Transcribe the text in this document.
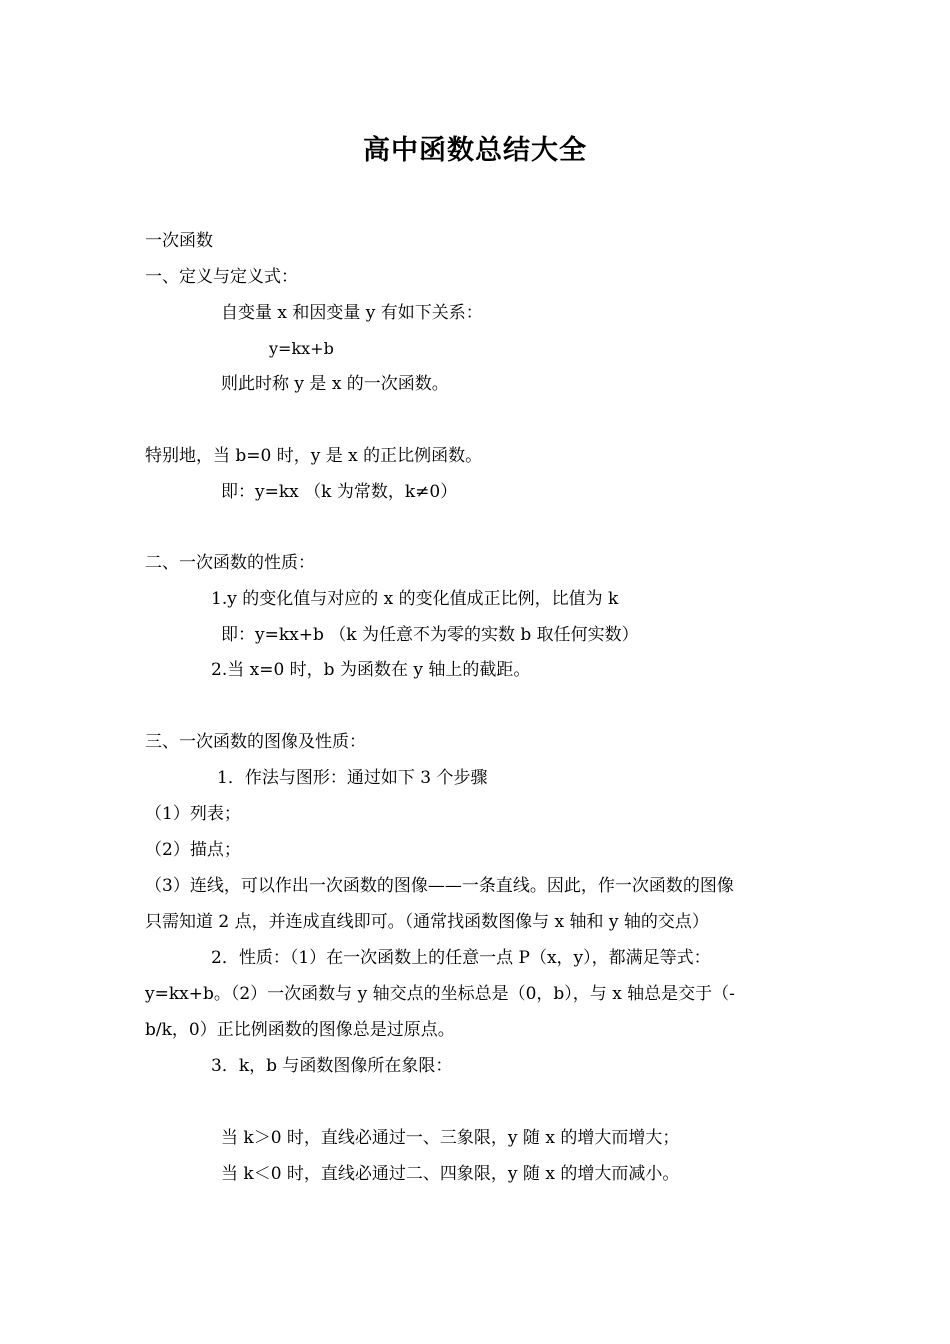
高中函数总结大全
一次函数
一、定义与定义式：
自变量 x 和因变量 y 有如下关系：
y=kx+b
则此时称 y 是 x 的一次函数。
特别地，当 b=0 时，y 是 x 的正比例函数。
即：y=kx （k 为常数，k≠0）
二、一次函数的性质：
1.y 的变化值与对应的 x 的变化值成正比例，比值为 k
即：y=kx+b （k 为任意不为零的实数 b 取任何实数）
2.当 x=0 时，b 为函数在 y 轴上的截距。
三、一次函数的图像及性质：
1．作法与图形：通过如下 3 个步骤
（1）列表；
（2）描点；
（3）连线，可以作出一次函数的图像——一条直线。因此，作一次函数的图像
只需知道 2 点，并连成直线即可。（通常找函数图像与 x 轴和 y 轴的交点）
2．性质：（1）在一次函数上的任意一点 P（x，y），都满足等式：
y=kx+b。（2）一次函数与 y 轴交点的坐标总是（0，b），与 x 轴总是交于（-
b/k，0）正比例函数的图像总是过原点。
3．k，b 与函数图像所在象限：
当 k＞0 时，直线必通过一、三象限，y 随 x 的增大而增大；
当 k＜0 时，直线必通过二、四象限，y 随 x 的增大而减小。
